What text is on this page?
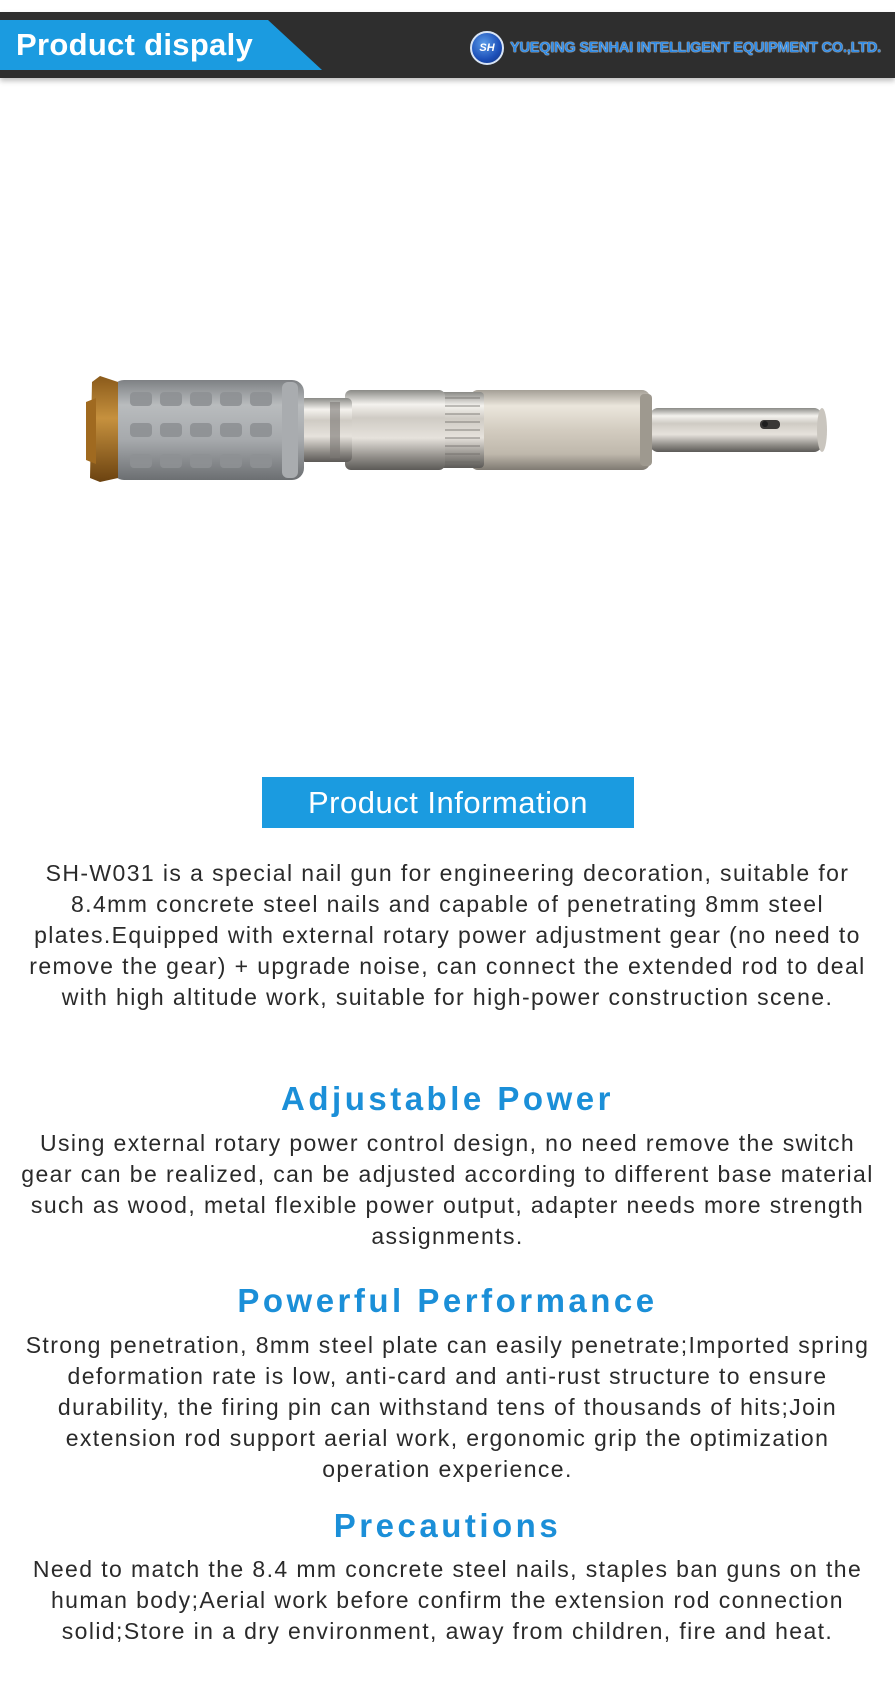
Product dispaly	SH	YUEQING SENHAI INTELLIGENT EQUIPMENT CO.,LTD.
Product Information
SH-W031 is a special nail gun for engineering decoration, suitable for 8.4mm concrete steel nails and capable of penetrating 8mm steel plates.Equipped with external rotary power adjustment gear (no need to remove the gear) + upgrade noise, can connect the extended rod to deal with high altitude work, suitable for high-power construction scene.
Adjustable Power
Using external rotary power control design, no need remove the switch gear can be realized, can be adjusted according to different base material such as wood, metal flexible power output, adapter needs more strength assignments.
Powerful Performance
Strong penetration, 8mm steel plate can easily penetrate;Imported spring deformation rate is low, anti-card and anti-rust structure to ensure durability, the firing pin can withstand tens of thousands of hits;Join extension rod support aerial work, ergonomic grip the optimization operation experience.
Precautions
Need to match the 8.4 mm concrete steel nails, staples ban guns on the human body;Aerial work before confirm the extension rod connection solid;Store in a dry environment, away from children, fire and heat.
